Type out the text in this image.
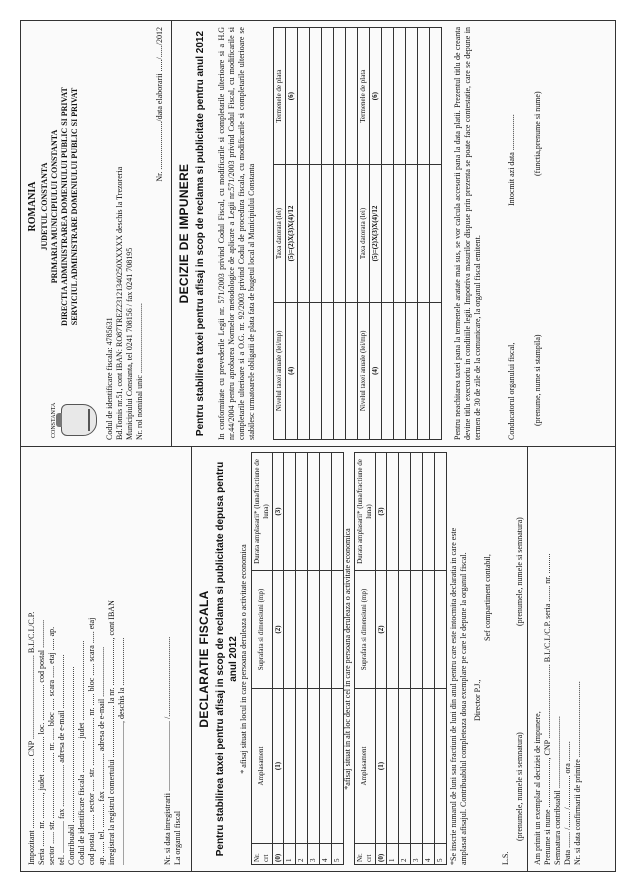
Impozitant ................................... CNP .......................................... B.I./C.I./C.P. Seria ........ nr. ............, judet .................. loc. .................. cod postal .............. sector ...... str. ................................. nr. ...... bloc ...... scara ...... etaj ...... ap. tel. ................ fax ..................... adresa de e-mail ........................... Contribuabil .............................................................................. Codul de identificare fiscala ................ judet ........................................ cod postal ........ sector ...... str. ........................ nr. ...... bloc ...... scara ...... etaj ap. ...... tel. ............ fax .................. adresa de e-mail ......................... inregistrat la registrul comertului .......................... la nr. ......................., cont IBAN ......................................................................., deschis la ........................	Nr. si data inregistrarii ................................... /........................................ La organul fiscal
DECLARATIE FISCALA Pentru stabilirea taxei pentru afisaj in scop de reclama si publicitate depusa pentru anul 2012 * afisaj situat in locul in care persoana deruleaza o activitate economica
Nr. crt	Amplasament	Suprafata si dimensiuni (mp)	Durata amplasarii* (luna/fractiune de luna)
(0)	(1)	(2)	(3)
1			
2			
3			
4			
5			
*afisaj situat in alt loc decat cel in care persoana deruleaza o activitate economica
Nr. crt	Amplasament	Suprafata si dimensiuni (mp)	Durata amplasarii* (luna/fractiune de luna)
(0)	(1)	(2)	(3)
1			
2			
3			
4			
5			*Se inscrie numarul de luni sau fractiuni de luni din anul pentru care este intocmita declaratia in care este amplasat afisajul. Contribuabilul completeaza doua exemplare pe care le depune la organul fiscal. Director P.J.,
Sef compartiment contabil,
L.S.
(prenumele, numele si semnatura)
(prenumele, numele si semnatura)
Am primit un exemplar al deciziei de impunere, Prenume si nume ........................, CNP ..................................... B.I./C.I./C.P. seria ........ nr. .......... Semnatura contribuabil .................................... Data ........ /........ /................ ora .......... Nr. si data confirmarii de primire ......................................
CONSTANTA
ROMANIA JUDETUL CONSTANTA PRIMARIA MUNICIPIULUI CONSTANTA DIRECTIA ADMINISTRAREA DOMENIULUI PUBLIC SI PRIVAT SERVICIUL ADMINISTRARE DOMENIULUI PUBLIC SI PRIVAT
Codul de identificare fiscala: 4785631 Bd.Tomis nr.51, cont IBAN: RO87TREZ23121340250XXXXX deschis la Trezoreria Municipiului Constanta, tel 0241 708156 / fax 0241 708195 Nr. rol nominal unic ...................................
Nr. ......................../data elaborarii ....../....../2012
DECIZIE DE IMPUNERE Pentru stabilirea taxei pentru afisaj in scop de reclama si publicitate pentru anul 2012 In conformitate cu prevederile Legii nr. 571/2003 privind Codul Fiscal, cu modificarile si completarile ulterioare si a H.G nr.44/2004 pentru aprobarea Normelor metodologice de aplicare a Legii nr.571/2003 privind Codul Fiscal, cu modificarile si completarile ulterioare si a O.G. nr. 92/2003 privind Codul de procedura fiscala, cu modificarile si completarile ulterioare se stabilesc urmatoarele obligatii de plata fata de bugetul local al Municipiului Constanta	Nivelul taxei anuale (lei/mp)	Taxa datorata (lei)	Termenele de plata
(4)	(5)=(2)X(3)X(4)/12	(6)

Nivelul taxei anuale (lei/mp)	Taxa datorata (lei)	Termenele de plata
(4)	(5)=(2)X(3)X(4)/12	(6)

			Pentru neachitarea taxei pana la termenele aratate mai sus, se vor calcula accesorii pana la data platii. Prezentul titlu de creanta devine titlu executoriu in conditiile legii. Impotriva masurilor dispuse prin prezenta se poate face contestatie, care se depune in termen de 30 de zile de la comunicare, la organul fiscal emitent.	Conducatorul organului fiscal,
Intocmit azi data ..................
(prenume, nume si stampila)
(functia,prenume si nume)
